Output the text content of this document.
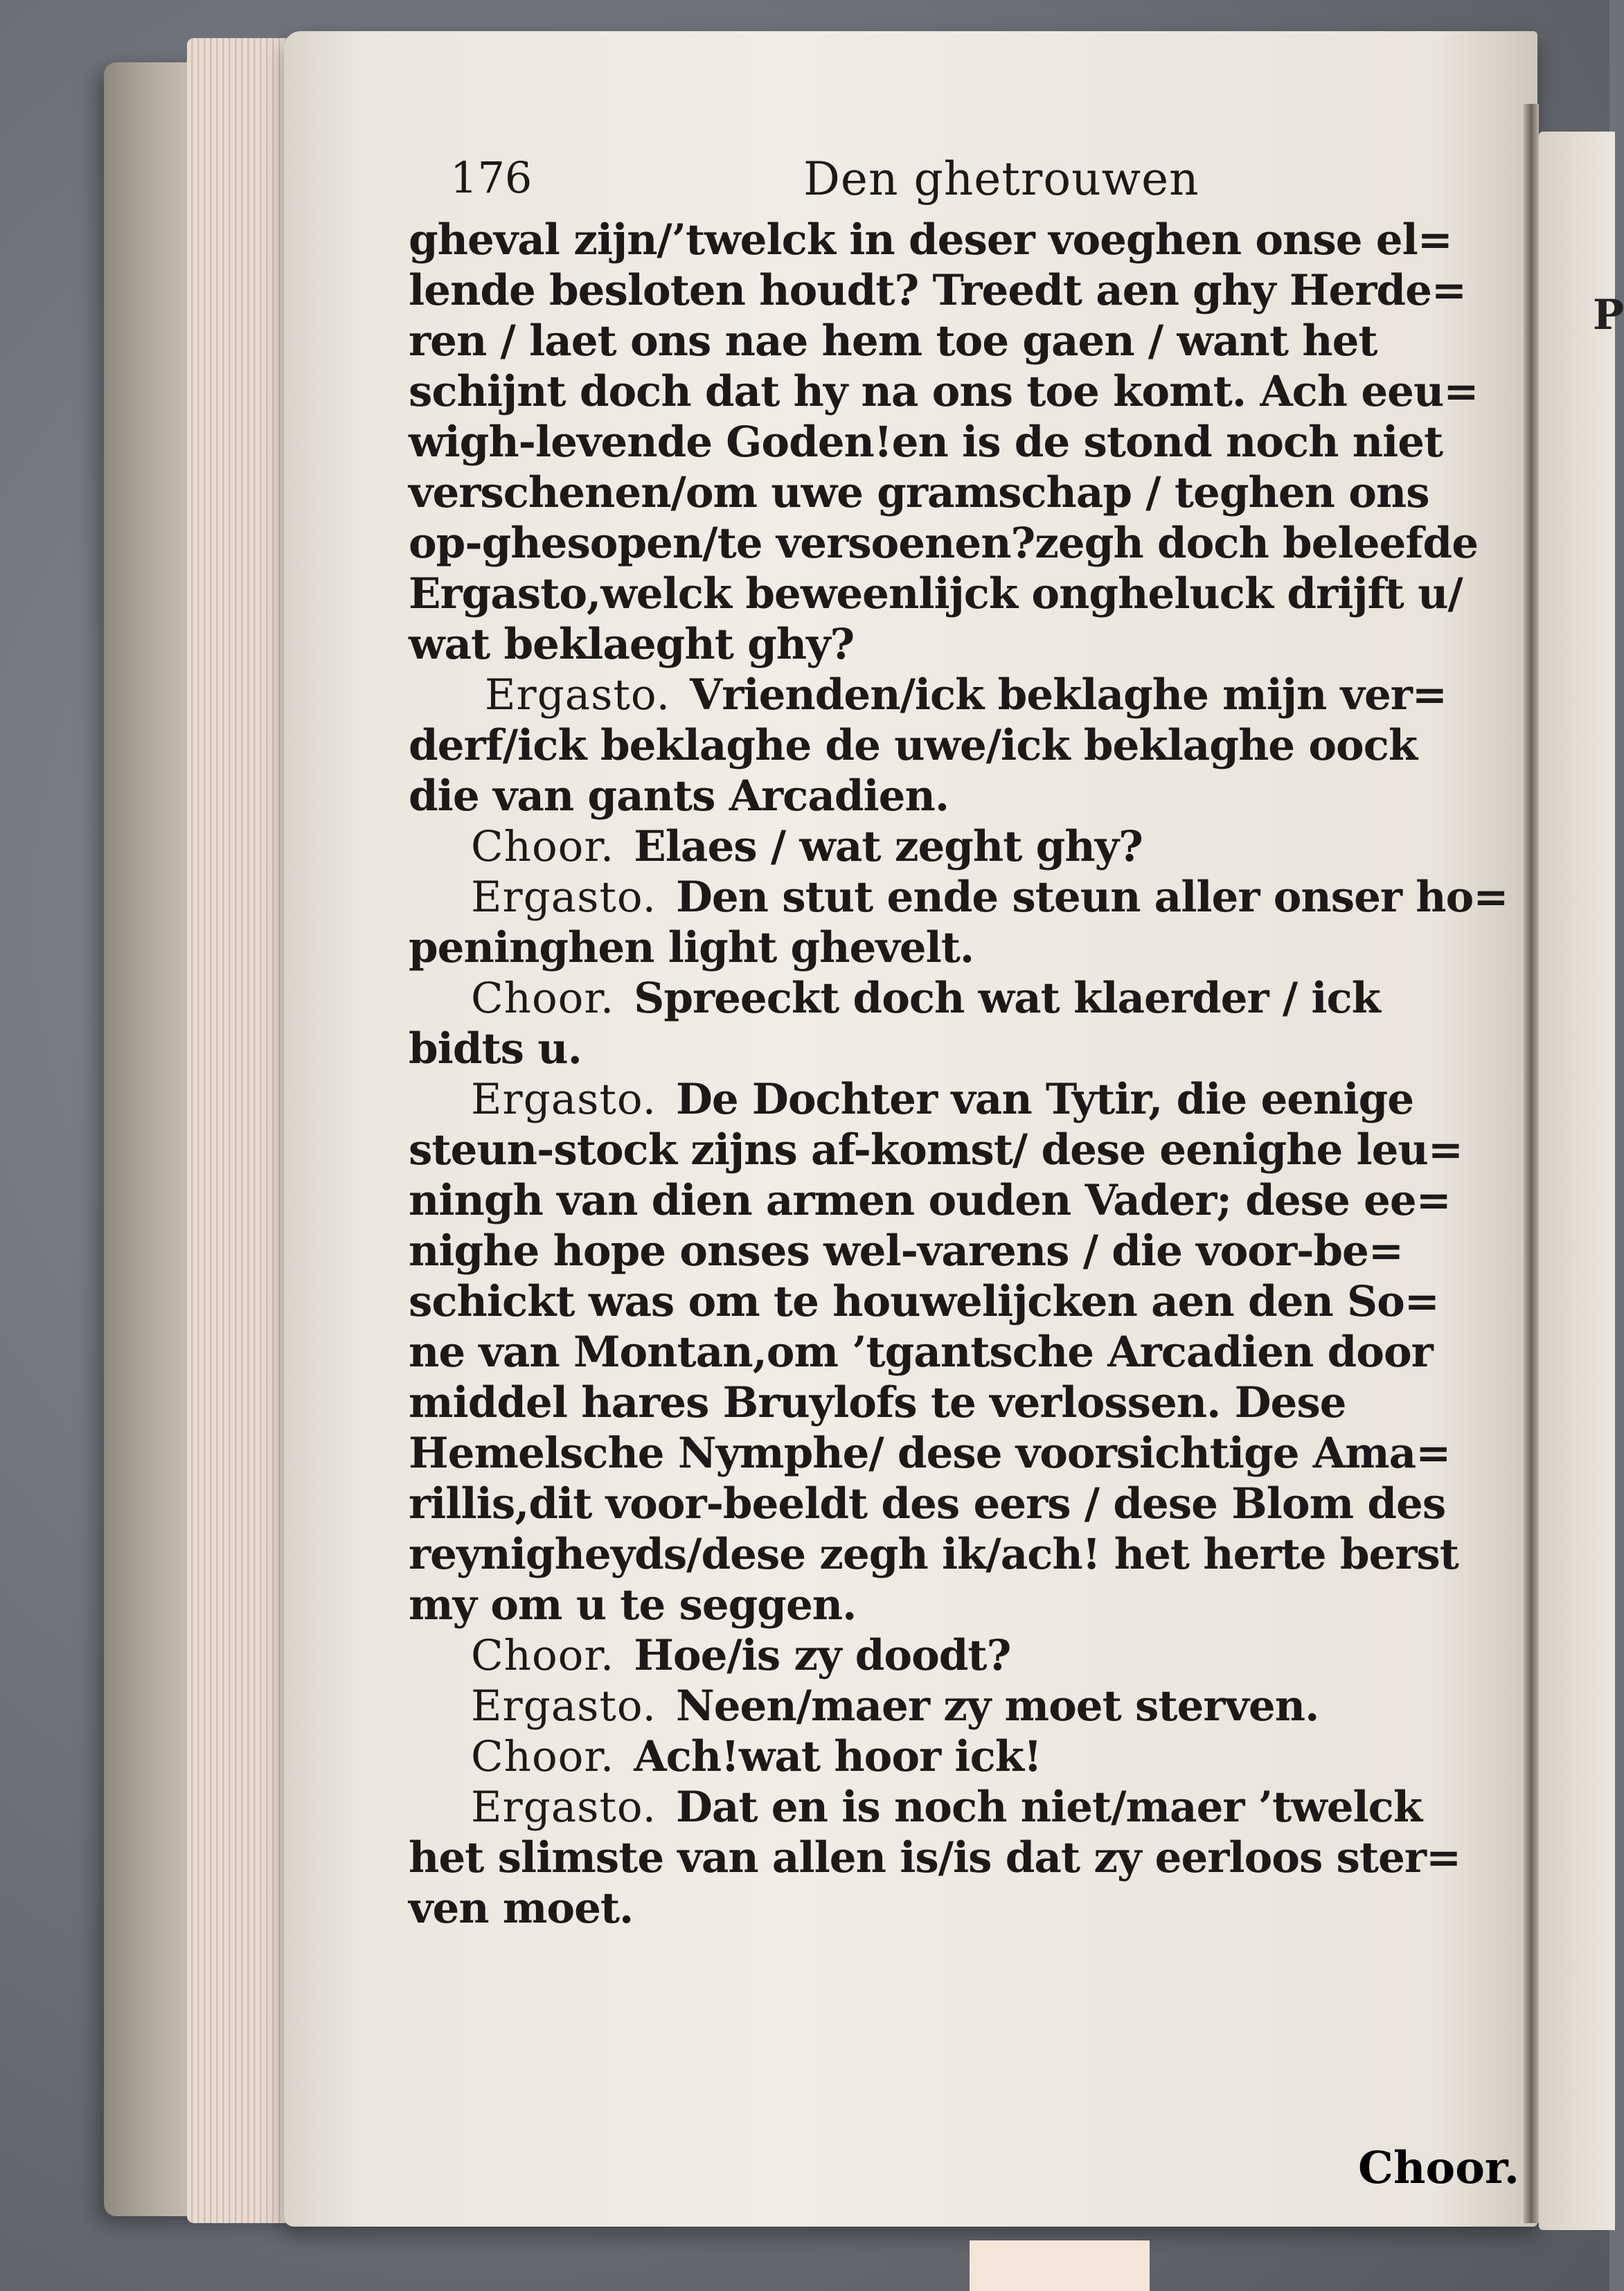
P
176	Den ghetrouwen
gheval zijn/’twelck in deser voeghen onse el=
lende besloten houdt? Treedt aen ghy Herde=
ren / laet ons nae hem toe gaen / want het
schijnt doch dat hy na ons toe komt. Ach eeu=
wigh-levende Goden!en is de stond noch niet
verschenen/om uwe gramschap / teghen ons
op-ghesopen/te versoenen?zegh doch beleefde
Ergasto,welck beweenlijck ongheluck drijft u/
wat beklaeght ghy?
Ergasto. Vrienden/ick beklaghe mijn ver=
derf/ick beklaghe de uwe/ick beklaghe oock
die van gants Arcadien.
Choor. Elaes / wat zeght ghy?
Ergasto. Den stut ende steun aller onser ho=
peninghen light ghevelt.
Choor. Spreeckt doch wat klaerder / ick
bidts u.
Ergasto. De Dochter van Tytir, die eenige
steun-stock zijns af-komst/ dese eenighe leu=
ningh van dien armen ouden Vader; dese ee=
nighe hope onses wel-varens / die voor-be=
schickt was om te houwelijcken aen den So=
ne van Montan,om ’tgantsche Arcadien door
middel hares Bruylofs te verlossen. Dese
Hemelsche Nymphe/ dese voorsichtige Ama=
rillis,dit voor-beeldt des eers / dese Blom des
reynigheyds/dese zegh ik/ach! het herte berst
my om u te seggen.
Choor. Hoe/is zy doodt?
Ergasto. Neen/maer zy moet sterven.
Choor. Ach!wat hoor ick!
Ergasto. Dat en is noch niet/maer ’twelck
het slimste van allen is/is dat zy eerloos ster=
ven moet.
Choor.
